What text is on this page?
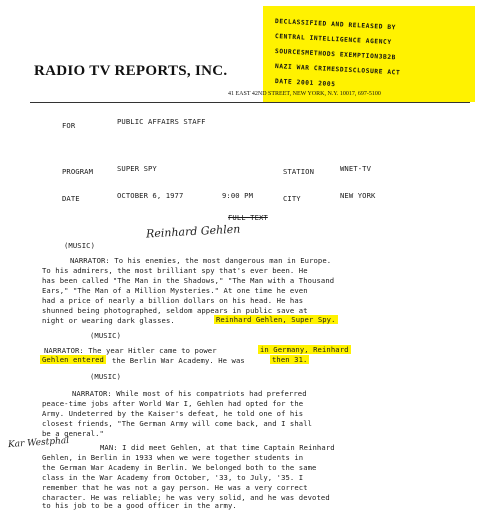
DECLASSIFIED AND RELEASED BY
CENTRAL INTELLIGENCE AGENCY
SOURCESMETHODS EXEMPTION3B2B
NAZI WAR CRIMESDISCLOSURE ACT
DATE 2001 2005
RADIO TV REPORTS, INC.
41 EAST 42ND STREET, NEW YORK, N.Y. 10017, 697-5100
FOR	PUBLIC AFFAIRS STAFF
PROGRAM	SUPER SPY	STATION	WNET-TV
DATE	OCTOBER 6, 1977	9:00 PM	CITY	NEW YORK
FULL TEXT
Reinhard Gehlen
(MUSIC)
NARRATOR: To his enemies, the most dangerous man in Europe.
To his admirers, the most brilliant spy that's ever been. He
has been called "The Man in the Shadows," "The Man with a Thousand
Ears," "The Man of a Million Mysteries." At one time he even
had a price of nearly a billion dollars on his head. He has
shunned being photographed, seldom appears in public save at
night or wearing dark glasses.	Reinhard Gehlen, Super Spy.
(MUSIC)
NARRATOR: The year Hitler came to power	in Germany, Reinhard
Gehlen entered the Berlin War Academy. He was	then 31.
(MUSIC)
NARRATOR: While most of his compatriots had preferred
peace-time jobs after World War I, Gehlen had opted for the
Army. Undeterred by the Kaiser's defeat, he told one of his
closest friends, "The German Army will come back, and I shall
be a general."
Kar Westphal	MAN: I did meet Gehlen, at that time Captain Reinhard
Gehlen, in Berlin in 1933 when we were together students in
the German War Academy in Berlin. We belonged both to the same
class in the War Academy from October, '33, to July, '35. I
remember that he was not a gay person. He was a very correct
character. He was reliable; he was very solid, and he was devoted
to his job to be a good officer in the army.
